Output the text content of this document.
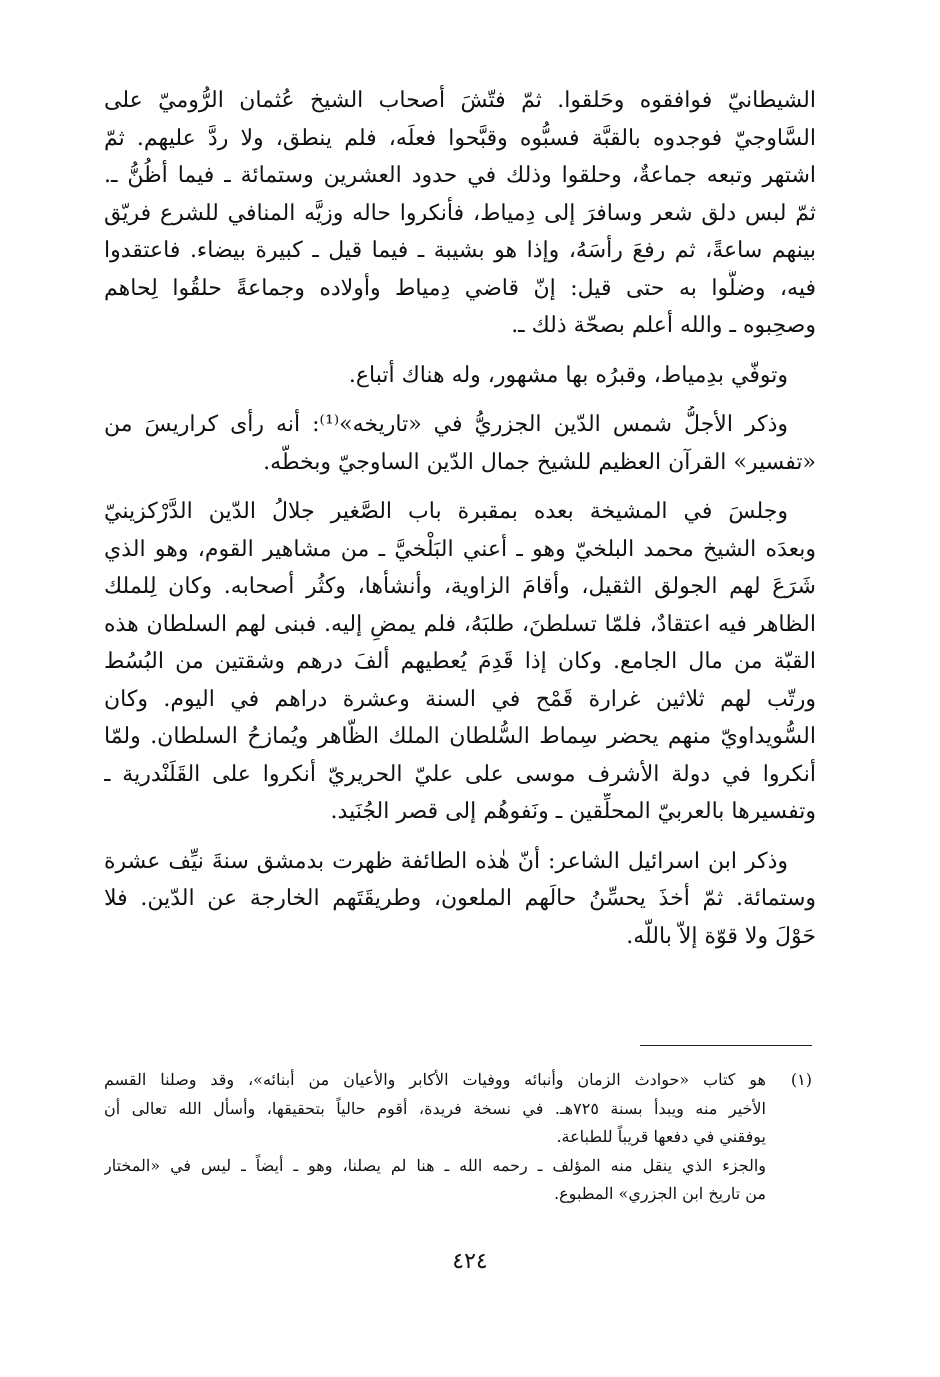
الشيطانيّ فوافقوه وحَلقوا. ثمّ فتّشَ أصحاب الشيخ عُثمان الرُّوميّ على
السَّاوجيّ فوجدوه بالقبَّة فسبُّوه وقبَّحوا فعلَه، فلم ينطق، ولا ردَّ عليهم. ثمّ
اشتهر وتبعه جماعةٌ، وحلقوا وذلك في حدود العشرين وستمائة ـ فيما أظُنُّ ـ.
ثمّ لبس دلق شعر وسافرَ إلى دِمياط، فأنكروا حاله وزيَّه المنافي للشرع فريّق
بينهم ساعةً، ثم رفعَ رأسَهُ، وإذا هو بشيبة ـ فيما قيل ـ كبيرة بيضاء. فاعتقدوا
فيه، وضلُّوا به حتى قيل: إنّ قاضي دِمياط وأولاده وجماعةً حلقُوا لِحاهم
وصحِبوه ـ والله أعلم بصحّة ذلك ـ.
وتوفّي بدِمياط، وقبرُه بها مشهور، وله هناك أتباع.
وذكر الأجلُّ شمس الدّين الجزريُّ في «تاريخه»⁽¹⁾: أنه رأى كراريسَ من
«تفسير» القرآن العظيم للشيخ جمال الدّين الساوجيّ وبخطّه.
وجلسَ في المشيخة بعده بمقبرة باب الصَّغير جلالُ الدّين الدَّرْكزينيّ
وبعدَه الشيخ محمد البلخيّ وهو ـ أعني البَلْخيَّ ـ من مشاهير القوم، وهو الذي
شَرَعَ لهم الجولق الثقيل، وأقامَ الزاوية، وأنشأها، وكثُر أصحابه. وكان لِلملك
الظاهر فيه اعتقادٌ، فلمّا تسلطنَ، طلبَهُ، فلم يمضِ إليه. فبنى لهم السلطان هذه
القبّة من مال الجامع. وكان إذا قَدِمَ يُعطيهم ألفَ درهم وشقتين من البُسُط
ورتّب لهم ثلاثين غرارة قَمْح في السنة وعشرة دراهم في اليوم. وكان
السُّويداويّ منهم يحضر سِماط السُّلطان الملك الظّاهر ويُمازحُ السلطان. ولمّا
أنكروا في دولة الأشرف موسى على عليّ الحريريّ أنكروا على القَلَنْدرية ـ
وتفسيرها بالعربيّ المحلِّقين ـ ونَفوهُم إلى قصر الجُنَيد.
وذكر ابن اسرائيل الشاعر: أنّ هٰذه الطائفة ظهرت بدمشق سنةَ نيِّف عشرة
وستمائة. ثمّ أخذَ يحسِّنُ حالَهم الملعون، وطريقَتَهم الخارجة عن الدّين. فلا
حَوْلَ ولا قوّة إلاّ باللّه.
(١)
هو كتاب «حوادث الزمان وأنبائه ووفيات الأكابر والأعيان من أبنائه»، وقد وصلنا القسم
الأخير منه ويبدأ بسنة ٧٢٥هـ. في نسخة فريدة، أقوم حالياً بتحقيقها، وأسأل الله تعالى أن
يوفقني في دفعها قريباً للطباعة.
والجزء الذي ينقل منه المؤلف ـ رحمه الله ـ هنا لم يصلنا، وهو ـ أيضاً ـ ليس في «المختار
من تاريخ ابن الجزري» المطبوع.
٤٢٤
